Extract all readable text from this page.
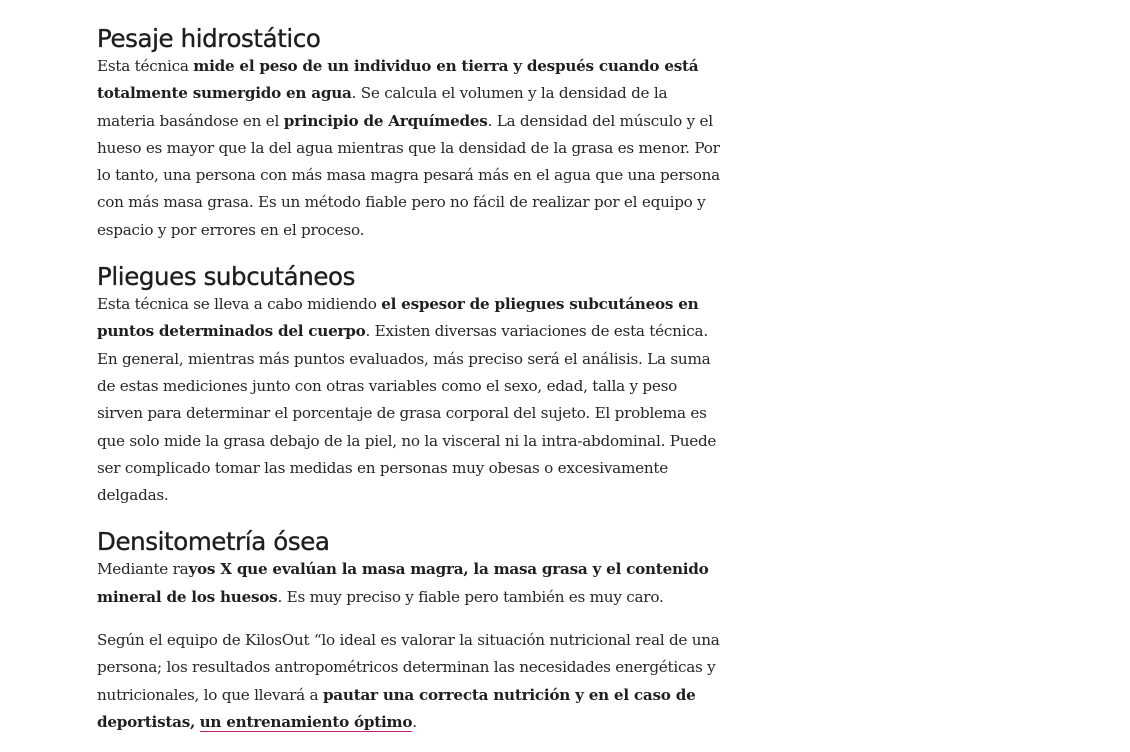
Pesaje hidrostático

Esta técnica mide el peso de un individuo en tierra y después cuando está totalmente sumergido en agua. Se calcula el volumen y la densidad de la materia basándose en el principio de Arquímedes. La densidad del músculo y el hueso es mayor que la del agua mientras que la densidad de la grasa es menor. Por lo tanto, una persona con más masa magra pesará más en el agua que una persona con más masa grasa. Es un método fiable pero no fácil de realizar por el equipo y espacio y por errores en el proceso.

Pliegues subcutáneos

Esta técnica se lleva a cabo midiendo el espesor de pliegues subcutáneos en puntos determinados del cuerpo. Existen diversas variaciones de esta técnica. En general, mientras más puntos evaluados, más preciso será el análisis. La suma de estas mediciones junto con otras variables como el sexo, edad, talla y peso sirven para determinar el porcentaje de grasa corporal del sujeto. El problema es que solo mide la grasa debajo de la piel, no la visceral ni la intra-abdominal. Puede ser complicado tomar las medidas en personas muy obesas o excesivamente delgadas.

Densitometría ósea

Mediante rayos X que evalúan la masa magra, la masa grasa y el contenido mineral de los huesos. Es muy preciso y fiable pero también es muy caro.

Según el equipo de KilosOut “lo ideal es valorar la situación nutricional real de una persona; los resultados antropométricos determinan las necesidades energéticas y nutricionales, lo que llevará a pautar una correcta nutrición y en el caso de deportistas, un entrenamiento óptimo.
